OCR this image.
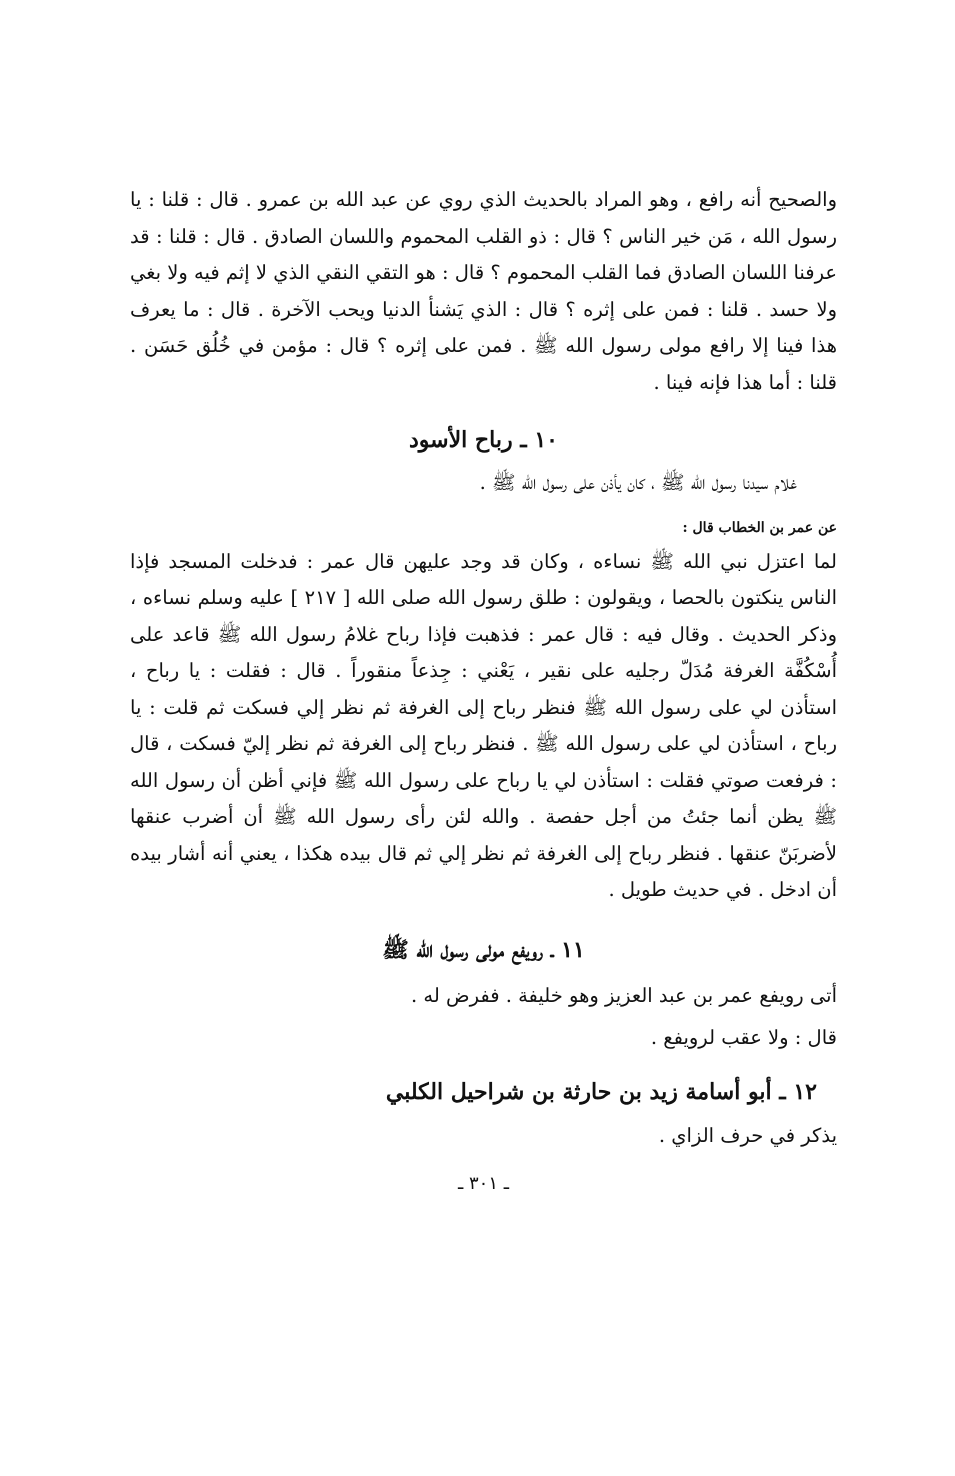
والصحيح أنه رافع ، وهو المراد بالحديث الذي روي عن عبد الله بن عمرو . قال : قلنا : يا رسول الله ، مَن خير الناس ؟ قال : ذو القلب المحموم واللسان الصادق . قال : قلنا : قد عرفنا اللسان الصادق فما القلب المحموم ؟ قال : هو التقي النقي الذي لا إثم فيه ولا بغي ولا حسد . قلنا : فمن على إثره ؟ قال : الذي يَشنأ الدنيا ويحب الآخرة . قال : ما يعرف هذا فينا إلا رافع مولى رسول الله ﷺ . فمن على إثره ؟ قال : مؤمن في خُلُق حَسَن . قلنا : أما هذا فإنه فينا .

١٠ ـ رباح الأسود

غلام سيدنا رسول الله ﷺ ، كان يأذن على رسول الله ﷺ .

عن عمر بن الخطاب قال :

لما اعتزل نبي الله ﷺ نساءه ، وكان قد وجد عليهن قال عمر : فدخلت المسجد فإذا الناس ينكتون بالحصا ، ويقولون : طلق رسول الله صلى الله [ ٢١٧ ] عليه وسلم نساءه ، وذكر الحديث . وقال فيه : قال عمر : فذهبت فإذا رباح غلامُ رسول الله ﷺ قاعد على أُسْكُفَّة الغرفة مُدَلّ رجليه على نقير ، يَعْني : جِذعاً منقوراً . قال : فقلت : يا رباح ، استأذن لي على رسول الله ﷺ فنظر رباح إلى الغرفة ثم نظر إلي فسكت ثم قلت : يا رباح ، استأذن لي على رسول الله ﷺ . فنظر رباح إلى الغرفة ثم نظر إليّ فسكت ، قال : فرفعت صوتي فقلت : استأذن لي يا رباح على رسول الله ﷺ فإني أظن أن رسول الله ﷺ يظن أنما جئتُ من أجل حفصة . والله لئن رأى رسول الله ﷺ أن أضرب عنقها لأضربَنّ عنقها . فنظر رباح إلى الغرفة ثم نظر إلي ثم قال بيده هكذا ، يعني أنه أشار بيده أن ادخل . في حديث طويل .

١١ ـ رويفع مولى رسول الله ﷺ

أتى رويفع عمر بن عبد العزيز وهو خليفة . ففرض له .

قال : ولا عقب لرويفع .

١٢ ـ أبو أسامة زيد بن حارثة بن شراحيل الكلبي

يذكر في حرف الزاي .

ـ ٣٠١ ـ
